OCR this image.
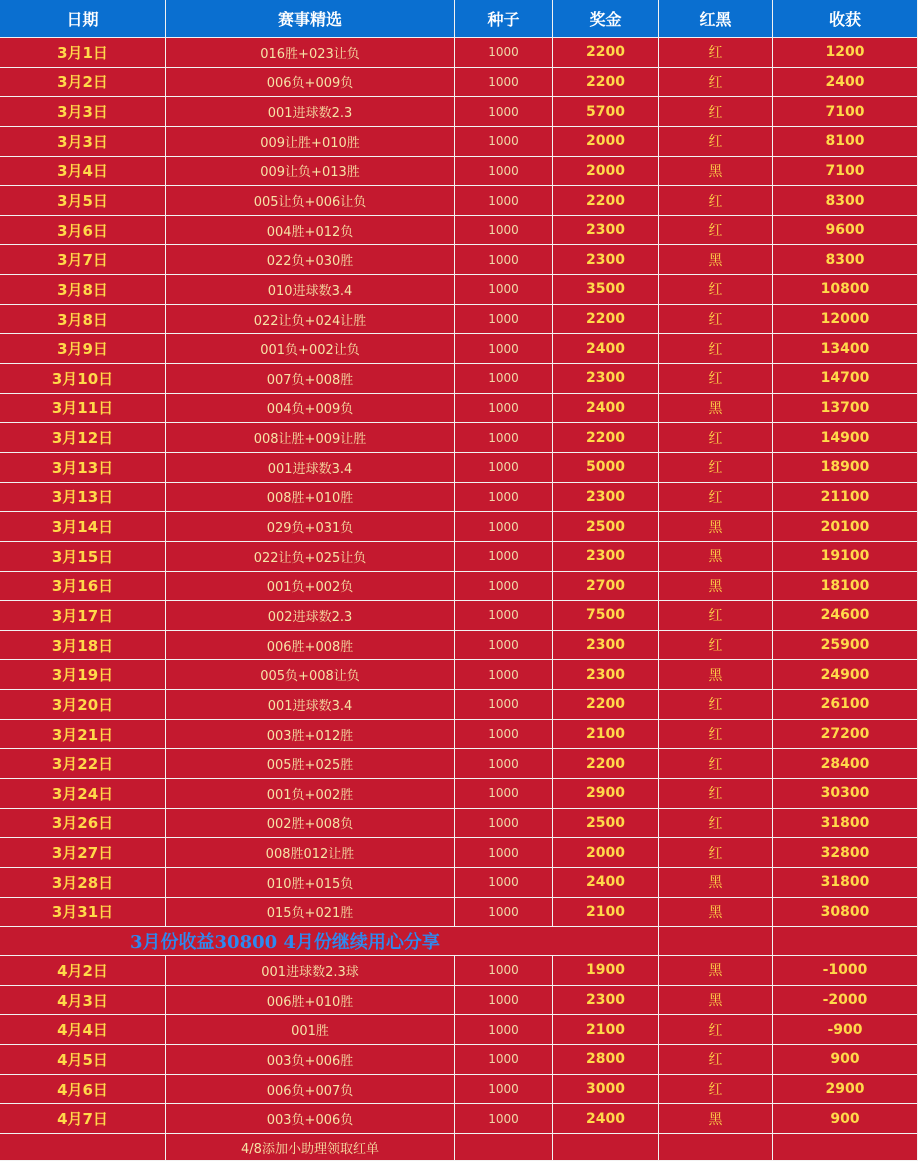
日期	赛事精选	种子	奖金	红黑	收获
3月1日	016胜+023让负	1000	2200	红	1200
3月2日	006负+009负	1000	2200	红	2400
3月3日	001进球数2.3	1000	5700	红	7100
3月3日	009让胜+010胜	1000	2000	红	8100
3月4日	009让负+013胜	1000	2000	黑	7100
3月5日	005让负+006让负	1000	2200	红	8300
3月6日	004胜+012负	1000	2300	红	9600
3月7日	022负+030胜	1000	2300	黑	8300
3月8日	010进球数3.4	1000	3500	红	10800
3月8日	022让负+024让胜	1000	2200	红	12000
3月9日	001负+002让负	1000	2400	红	13400
3月10日	007负+008胜	1000	2300	红	14700
3月11日	004负+009负	1000	2400	黑	13700
3月12日	008让胜+009让胜	1000	2200	红	14900
3月13日	001进球数3.4	1000	5000	红	18900
3月13日	008胜+010胜	1000	2300	红	21100
3月14日	029负+031负	1000	2500	黑	20100
3月15日	022让负+025让负	1000	2300	黑	19100
3月16日	001负+002负	1000	2700	黑	18100
3月17日	002进球数2.3	1000	7500	红	24600
3月18日	006胜+008胜	1000	2300	红	25900
3月19日	005负+008让负	1000	2300	黑	24900
3月20日	001进球数3.4	1000	2200	红	26100
3月21日	003胜+012胜	1000	2100	红	27200
3月22日	005胜+025胜	1000	2200	红	28400
3月24日	001负+002胜	1000	2900	红	30300
3月26日	002胜+008负	1000	2500	红	31800
3月27日	008胜012让胜	1000	2000	红	32800
3月28日	010胜+015负	1000	2400	黑	31800
3月31日	015负+021胜	1000	2100	黑	30800
3月份收益30800 4月份继续用心分享
4月2日	001进球数2.3球	1000	1900	黑	-1000
4月3日	006胜+010胜	1000	2300	黑	-2000
4月4日	001胜	1000	2100	红	-900
4月5日	003负+006胜	1000	2800	红	900
4月6日	006负+007负	1000	3000	红	2900
4月7日	003负+006负	1000	2400	黑	900
4/8添加小助理领取红单
